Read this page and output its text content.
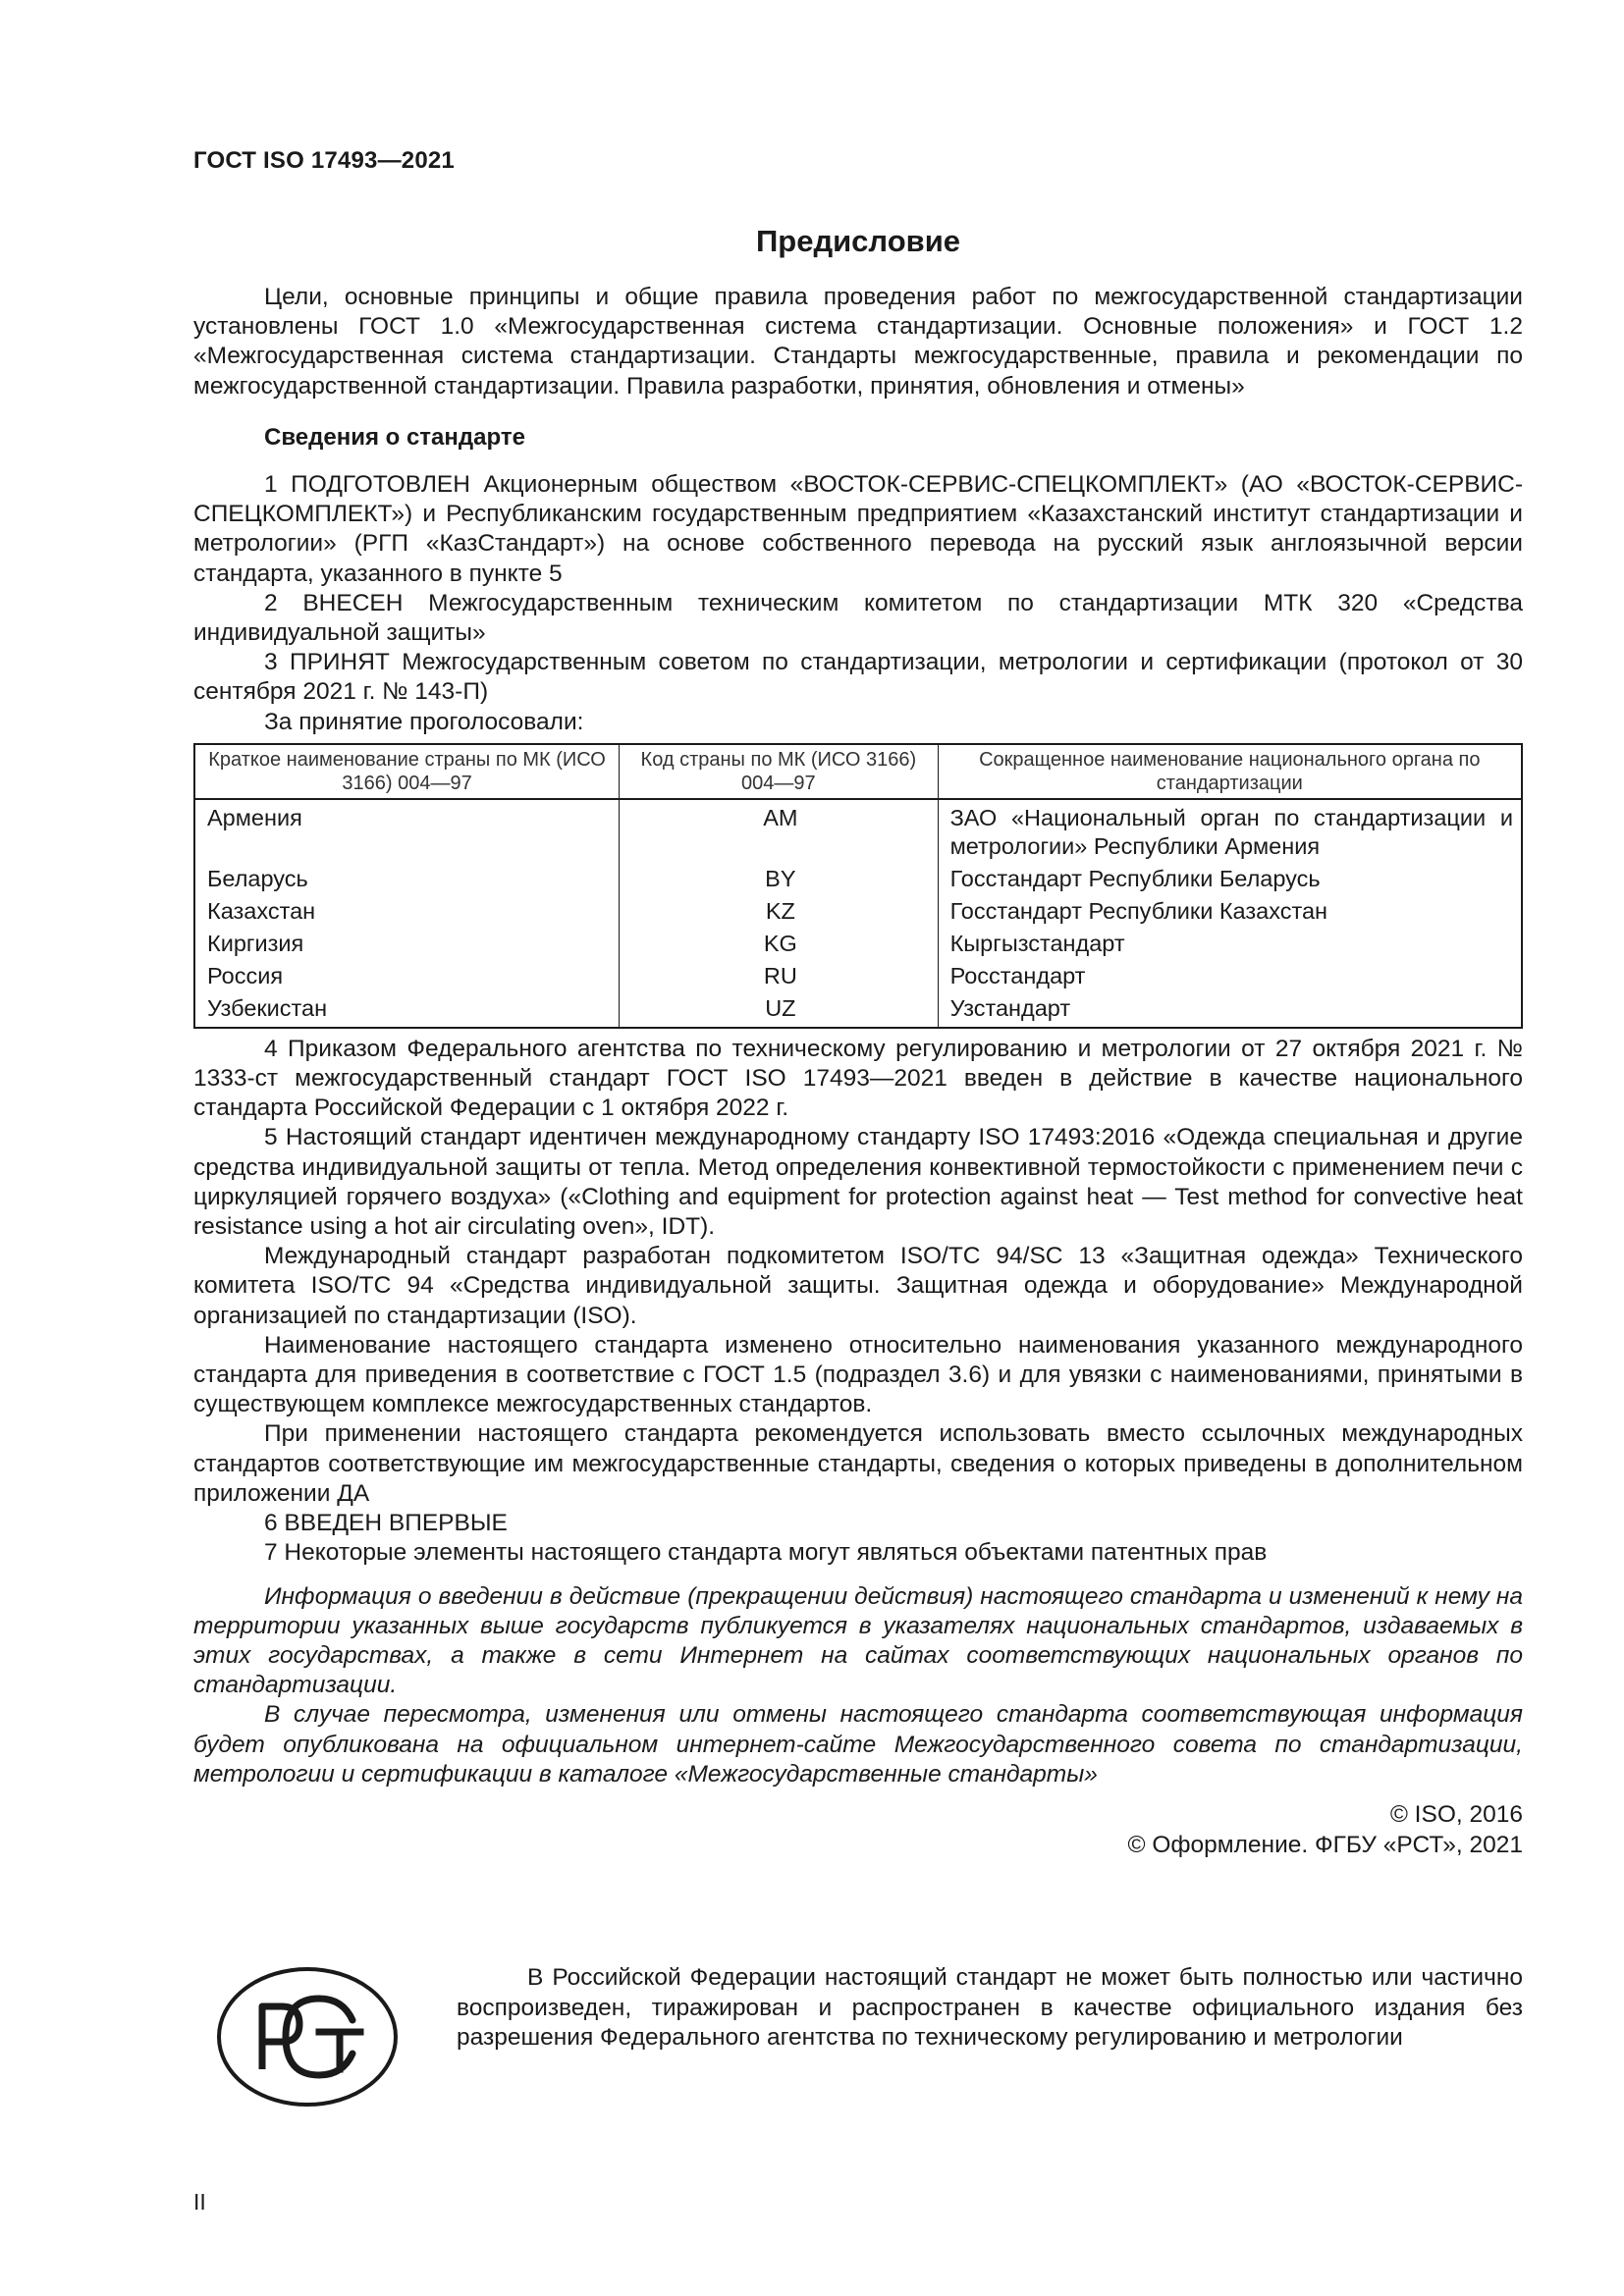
ГОСТ ISO 17493—2021
Предисловие

Цели, основные принципы и общие правила проведения работ по межгосударственной стандартизации установлены ГОСТ 1.0 «Межгосударственная система стандартизации. Основные положения» и ГОСТ 1.2 «Межгосударственная система стандартизации. Стандарты межгосударственные, правила и рекомендации по межгосударственной стандартизации. Правила разработки, принятия, обновления и отмены»

Сведения о стандарте

1 ПОДГОТОВЛЕН Акционерным обществом «ВОСТОК-СЕРВИС-СПЕЦКОМПЛЕКТ» (АО «ВОСТОК-СЕРВИС-СПЕЦКОМПЛЕКТ») и Республиканским государственным предприятием «Казахстанский институт стандартизации и метрологии» (РГП «КазСтандарт») на основе собственного перевода на русский язык англоязычной версии стандарта, указанного в пункте 5

2 ВНЕСЕН Межгосударственным техническим комитетом по стандартизации МТК 320 «Средства индивидуальной защиты»

3 ПРИНЯТ Межгосударственным советом по стандартизации, метрологии и сертификации (протокол от 30 сентября 2021 г. № 143-П)

За принятие проголосовали:

Краткое наименование страны по МК (ИСО 3166) 004—97	Код страны по МК (ИСО 3166) 004—97	Сокращенное наименование национального органа по стандартизации
Армения	AM	ЗАО «Национальный орган по стандартизации и метрологии» Республики Армения
Беларусь	BY	Госстандарт Республики Беларусь
Казахстан	KZ	Госстандарт Республики Казахстан
Киргизия	KG	Кыргызстандарт
Россия	RU	Росстандарт
Узбекистан	UZ	Узстандарт

4 Приказом Федерального агентства по техническому регулированию и метрологии от 27 октября 2021 г. № 1333-ст межгосударственный стандарт ГОСТ ISO 17493—2021 введен в действие в качестве национального стандарта Российской Федерации с 1 октября 2022 г.

5 Настоящий стандарт идентичен международному стандарту ISO 17493:2016 «Одежда специальная и другие средства индивидуальной защиты от тепла. Метод определения конвективной термостойкости с применением печи с циркуляцией горячего воздуха» («Clothing and equipment for protection against heat — Test method for convective heat resistance using a hot air circulating oven», IDT).

Международный стандарт разработан подкомитетом ISO/TC 94/SC 13 «Защитная одежда» Технического комитета ISO/TC 94 «Средства индивидуальной защиты. Защитная одежда и оборудование» Международной организацией по стандартизации (ISO).

Наименование настоящего стандарта изменено относительно наименования указанного международного стандарта для приведения в соответствие с ГОСТ 1.5 (подраздел 3.6) и для увязки с наименованиями, принятыми в существующем комплексе межгосударственных стандартов.

При применении настоящего стандарта рекомендуется использовать вместо ссылочных международных стандартов соответствующие им межгосударственные стандарты, сведения о которых приведены в дополнительном приложении ДА

6 ВВЕДЕН ВПЕРВЫЕ

7 Некоторые элементы настоящего стандарта могут являться объектами патентных прав

Информация о введении в действие (прекращении действия) настоящего стандарта и изменений к нему на территории указанных выше государств публикуется в указателях национальных стандартов, издаваемых в этих государствах, а также в сети Интернет на сайтах соответствующих национальных органов по стандартизации.

В случае пересмотра, изменения или отмены настоящего стандарта соответствующая информация будет опубликована на официальном интернет-сайте Межгосударственного совета по стандартизации, метрологии и сертификации в каталоге «Межгосударственные стандарты»

© ISO, 2016

© Оформление. ФГБУ «РСТ», 2021

В Российской Федерации настоящий стандарт не может быть полностью или частично воспроизведен, тиражирован и распространен в качестве официального издания без разрешения Федерального агентства по техническому регулированию и метрологии

II
